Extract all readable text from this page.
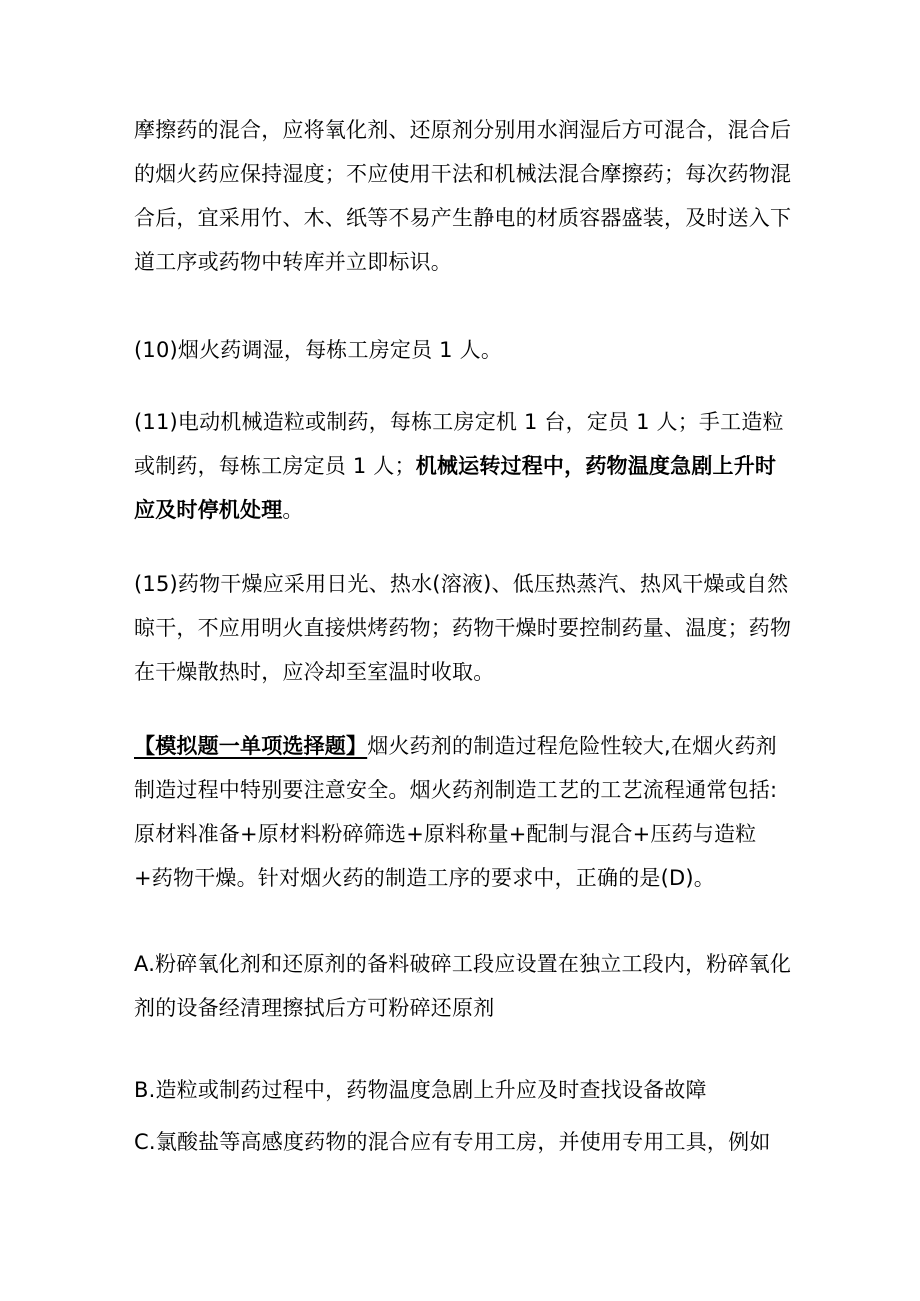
摩擦药的混合，应将氧化剂、还原剂分别用水润湿后方可混合，混合后的烟火药应保持湿度；不应使用干法和机械法混合摩擦药；每次药物混合后，宜采用竹、木、纸等不易产生静电的材质容器盛装，及时送入下道工序或药物中转库并立即标识。

(10)烟火药调湿，每栋工房定员 1 人。

(11)电动机械造粒或制药，每栋工房定机 1 台，定员 1 人；手工造粒或制药，每栋工房定员 1 人；机械运转过程中，药物温度急剧上升时应及时停机处理。

(15)药物干燥应采用日光、热水(溶液)、低压热蒸汽、热风干燥或自然晾干，不应用明火直接烘烤药物；药物干燥时要控制药量、温度；药物在干燥散热时，应冷却至室温时收取。

【模拟题一单项选择题】烟火药剂的制造过程危险性较大,在烟火药剂制造过程中特别要注意安全。烟火药剂制造工艺的工艺流程通常包括:原材料准备+原材料粉碎筛选+原料称量+配制与混合+压药与造粒+药物干燥。针对烟火药的制造工序的要求中，正确的是(D)。

A.粉碎氧化剂和还原剂的备料破碎工段应设置在独立工段内，粉碎氧化剂的设备经清理擦拭后方可粉碎还原剂

B.造粒或制药过程中，药物温度急剧上升应及时查找设备故障

C.氯酸盐等高感度药物的混合应有专用工房，并使用专用工具，例如
